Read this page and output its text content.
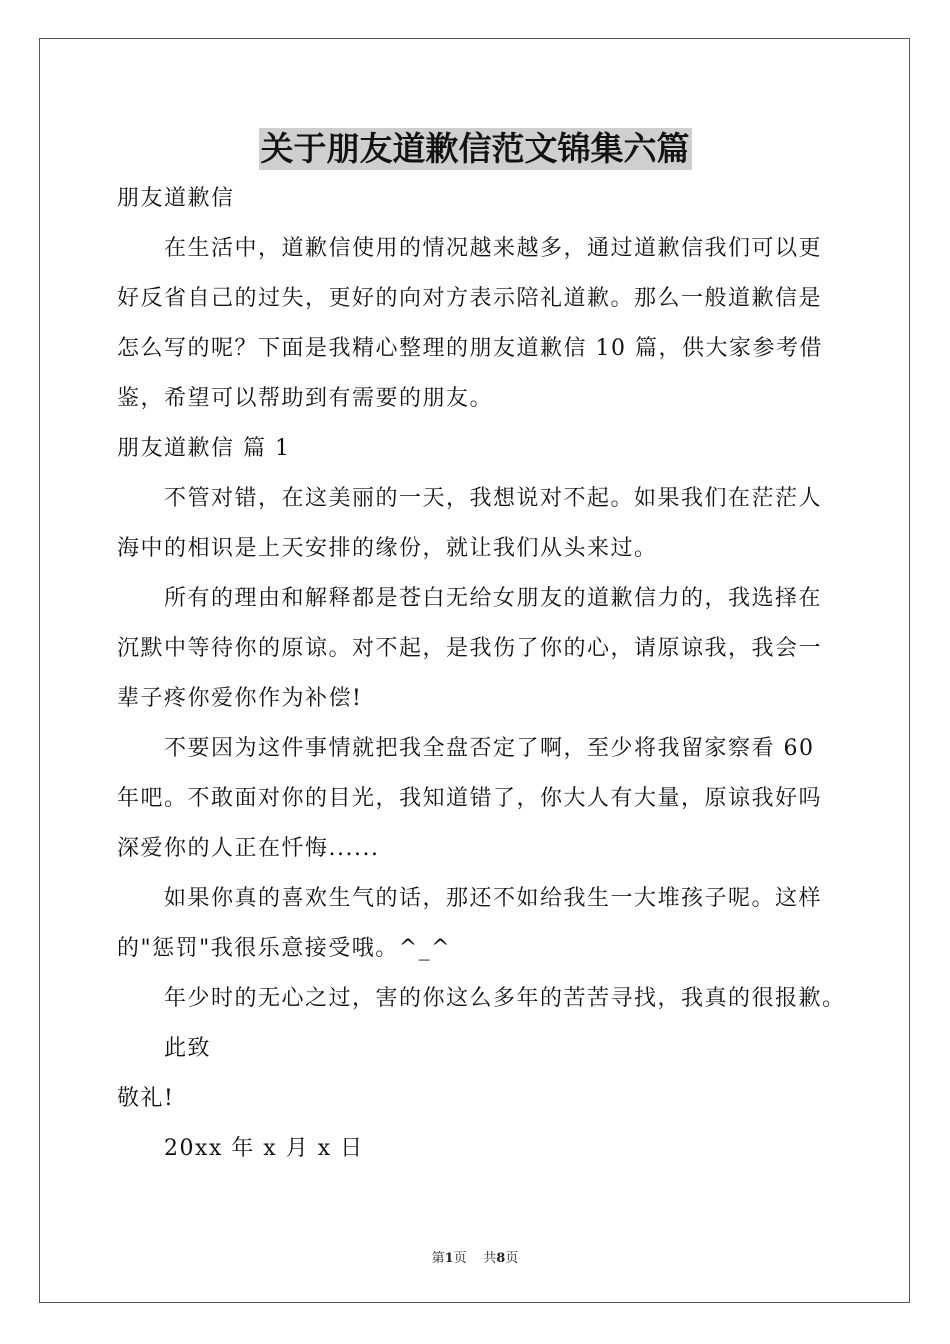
关于朋友道歉信范文锦集六篇
朋友道歉信
在生活中，道歉信使用的情况越来越多，通过道歉信我们可以更
好反省自己的过失，更好的向对方表示陪礼道歉。那么一般道歉信是
怎么写的呢？下面是我精心整理的朋友道歉信 10 篇，供大家参考借
鉴，希望可以帮助到有需要的朋友。
朋友道歉信 篇 1
不管对错，在这美丽的一天，我想说对不起。如果我们在茫茫人
海中的相识是上天安排的缘份，就让我们从头来过。
所有的理由和解释都是苍白无给女朋友的道歉信力的，我选择在
沉默中等待你的原谅。对不起，是我伤了你的心，请原谅我，我会一
辈子疼你爱你作为补偿!
不要因为这件事情就把我全盘否定了啊，至少将我留家察看 60
年吧。不敢面对你的目光，我知道错了，你大人有大量，原谅我好吗
深爱你的人正在忏悔......
如果你真的喜欢生气的话，那还不如给我生一大堆孩子呢。这样
的"惩罚"我很乐意接受哦。^_^
年少时的无心之过，害的你这么多年的苦苦寻找，我真的很报歉。
此致
敬礼!
20xx 年 x 月 x 日
第1页 共8页
